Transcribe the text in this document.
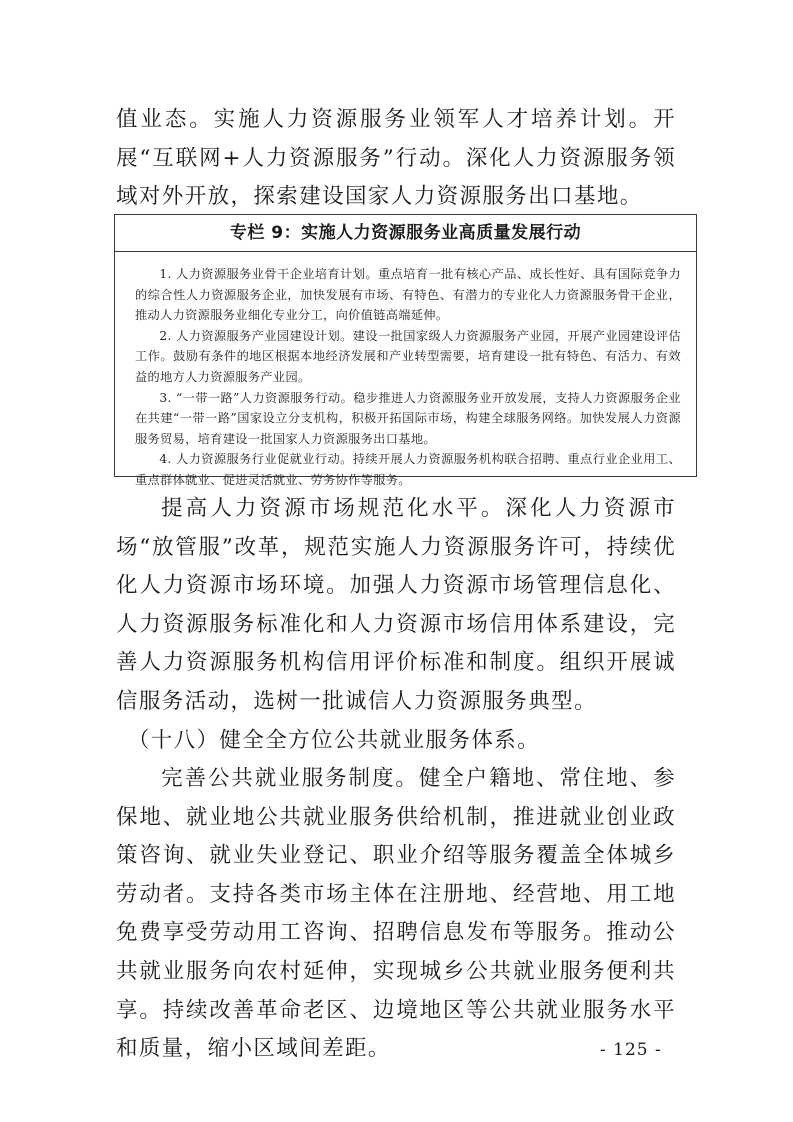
值业态。实施人力资源服务业领军人才培养计划。开展“互联网+人力资源服务”行动。深化人力资源服务领域对外开放，探索建设国家人力资源服务出口基地。

专栏 9：实施人力资源服务业高质量发展行动

1. 人力资源服务业骨干企业培育计划。重点培育一批有核心产品、成长性好、具有国际竞争力的综合性人力资源服务企业，加快发展有市场、有特色、有潜力的专业化人力资源服务骨干企业，推动人力资源服务业细化专业分工，向价值链高端延伸。

2. 人力资源服务产业园建设计划。建设一批国家级人力资源服务产业园，开展产业园建设评估工作。鼓励有条件的地区根据本地经济发展和产业转型需要，培育建设一批有特色、有活力、有效益的地方人力资源服务产业园。

3. “一带一路”人力资源服务行动。稳步推进人力资源服务业开放发展，支持人力资源服务企业在共建“一带一路”国家设立分支机构，积极开拓国际市场，构建全球服务网络。加快发展人力资源服务贸易，培育建设一批国家人力资源服务出口基地。

4. 人力资源服务行业促就业行动。持续开展人力资源服务机构联合招聘、重点行业企业用工、重点群体就业、促进灵活就业、劳务协作等服务。

提高人力资源市场规范化水平。深化人力资源市场“放管服”改革，规范实施人力资源服务许可，持续优化人力资源市场环境。加强人力资源市场管理信息化、人力资源服务标准化和人力资源市场信用体系建设，完善人力资源服务机构信用评价标准和制度。组织开展诚信服务活动，选树一批诚信人力资源服务典型。

（十八）健全全方位公共就业服务体系。

完善公共就业服务制度。健全户籍地、常住地、参保地、就业地公共就业服务供给机制，推进就业创业政策咨询、就业失业登记、职业介绍等服务覆盖全体城乡劳动者。支持各类市场主体在注册地、经营地、用工地免费享受劳动用工咨询、招聘信息发布等服务。推动公共就业服务向农村延伸，实现城乡公共就业服务便利共享。持续改善革命老区、边境地区等公共就业服务水平和质量，缩小区域间差距。	- 125 -
